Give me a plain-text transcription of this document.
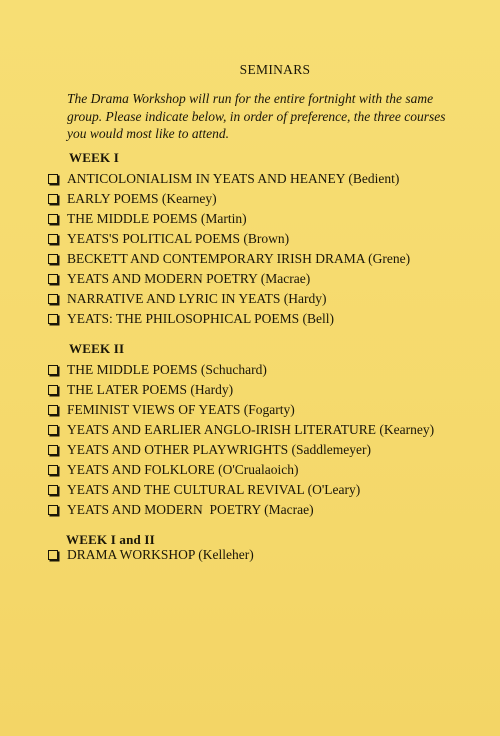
SEMINARS
The Drama Workshop will run for the entire fortnight with the same group. Please indicate below, in order of preference, the three courses you would most like to attend.
WEEK I
ANTICOLONIALISM IN YEATS AND HEANEY (Bedient)
EARLY POEMS (Kearney)
THE MIDDLE POEMS (Martin)
YEATS'S POLITICAL POEMS (Brown)
BECKETT AND CONTEMPORARY IRISH DRAMA (Grene)
YEATS AND MODERN POETRY (Macrae)
NARRATIVE AND LYRIC IN YEATS (Hardy)
YEATS: THE PHILOSOPHICAL POEMS (Bell)
WEEK II
THE MIDDLE POEMS (Schuchard)
THE LATER POEMS (Hardy)
FEMINIST VIEWS OF YEATS (Fogarty)
YEATS AND EARLIER ANGLO-IRISH LITERATURE (Kearney)
YEATS AND OTHER PLAYWRIGHTS (Saddlemeyer)
YEATS AND FOLKLORE (O'Crualaoich)
YEATS AND THE CULTURAL REVIVAL (O'Leary)
YEATS AND MODERN  POETRY (Macrae)
WEEK I and II
DRAMA WORKSHOP (Kelleher)
